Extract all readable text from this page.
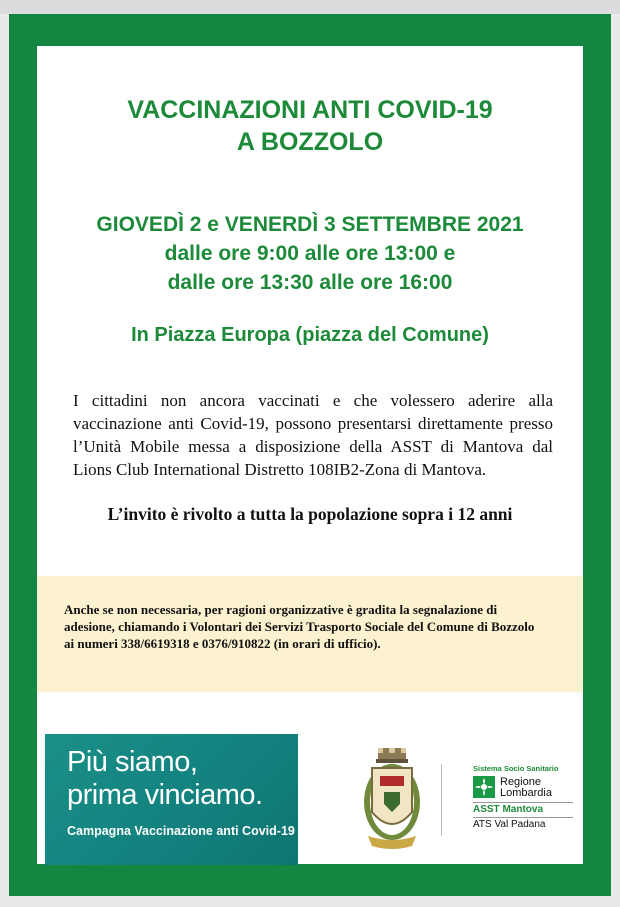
VACCINAZIONI ANTI COVID-19
A BOZZOLO
GIOVEDÌ 2 e VENERDÌ 3 SETTEMBRE 2021
dalle ore 9:00 alle ore 13:00 e
dalle ore 13:30 alle ore 16:00
In Piazza Europa (piazza del Comune)
I cittadini non ancora vaccinati e che volessero aderire alla vaccinazione anti Covid-19, possono presentarsi direttamente presso l’Unità Mobile messa a disposizione della ASST di Mantova dal Lions Club International Distretto 108IB2-Zona di Mantova.
L’invito è rivolto a tutta la popolazione sopra i 12 anni
Anche se non necessaria, per ragioni organizzative è gradita la segnalazione di adesione, chiamando i Volontari dei Servizi Trasporto Sociale del Comune di Bozzolo ai numeri 338/6619318 e 0376/910822 (in orari di ufficio).
Più siamo,
prima vinciamo.
Campagna Vaccinazione anti Covid-19
Sistema Socio Sanitario
Regione
Lombardia
ASST Mantova
ATS Val Padana
